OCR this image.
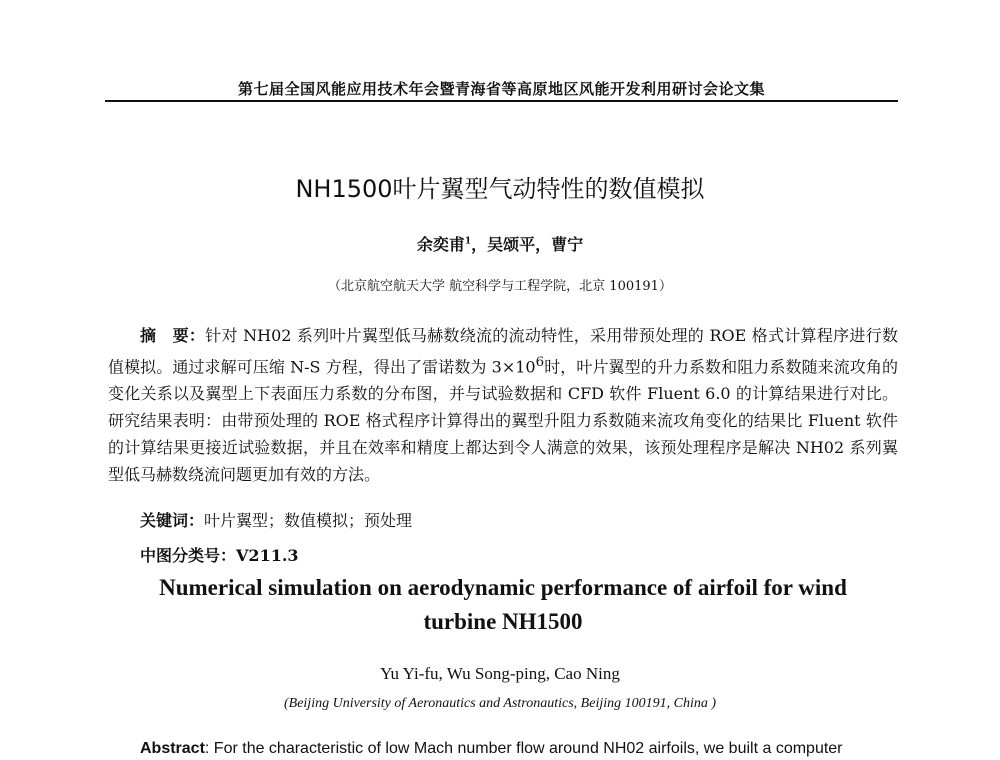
第七届全国风能应用技术年会暨青海省等高原地区风能开发利用研讨会论文集
NH1500叶片翼型气动特性的数值模拟
余奕甫$^1$，吴颂平，曹宁
（北京航空航天大学 航空科学与工程学院，北京 100191）
摘　要：针对 NH02 系列叶片翼型低马赫数绕流的流动特性，采用带预处理的 ROE 格式计算程序进行数值模拟。通过求解可压缩 N-S 方程，得出了雷诺数为 $3\times 10^6$时，叶片翼型的升力系数和阻力系数随来流攻角的变化关系以及翼型上下表面压力系数的分布图，并与试验数据和 CFD 软件 Fluent 6.0 的计算结果进行对比。研究结果表明：由带预处理的 ROE 格式程序计算得出的翼型升阻力系数随来流攻角变化的结果比 Fluent 软件的计算结果更接近试验数据，并且在效率和精度上都达到令人满意的效果，该预处理程序是解决 NH02 系列翼型低马赫数绕流问题更加有效的方法。
关键词：叶片翼型；数值模拟；预处理
中图分类号：V211.3
Numerical simulation on aerodynamic performance of airfoil for wind
turbine NH1500
Yu Yi-fu, Wu Song-ping, Cao Ning
(Beijing University of Aeronautics and Astronautics, Beijing 100191, China )
Abstract: For the characteristic of low Mach number flow around NH02 airfoils, we built a computer
